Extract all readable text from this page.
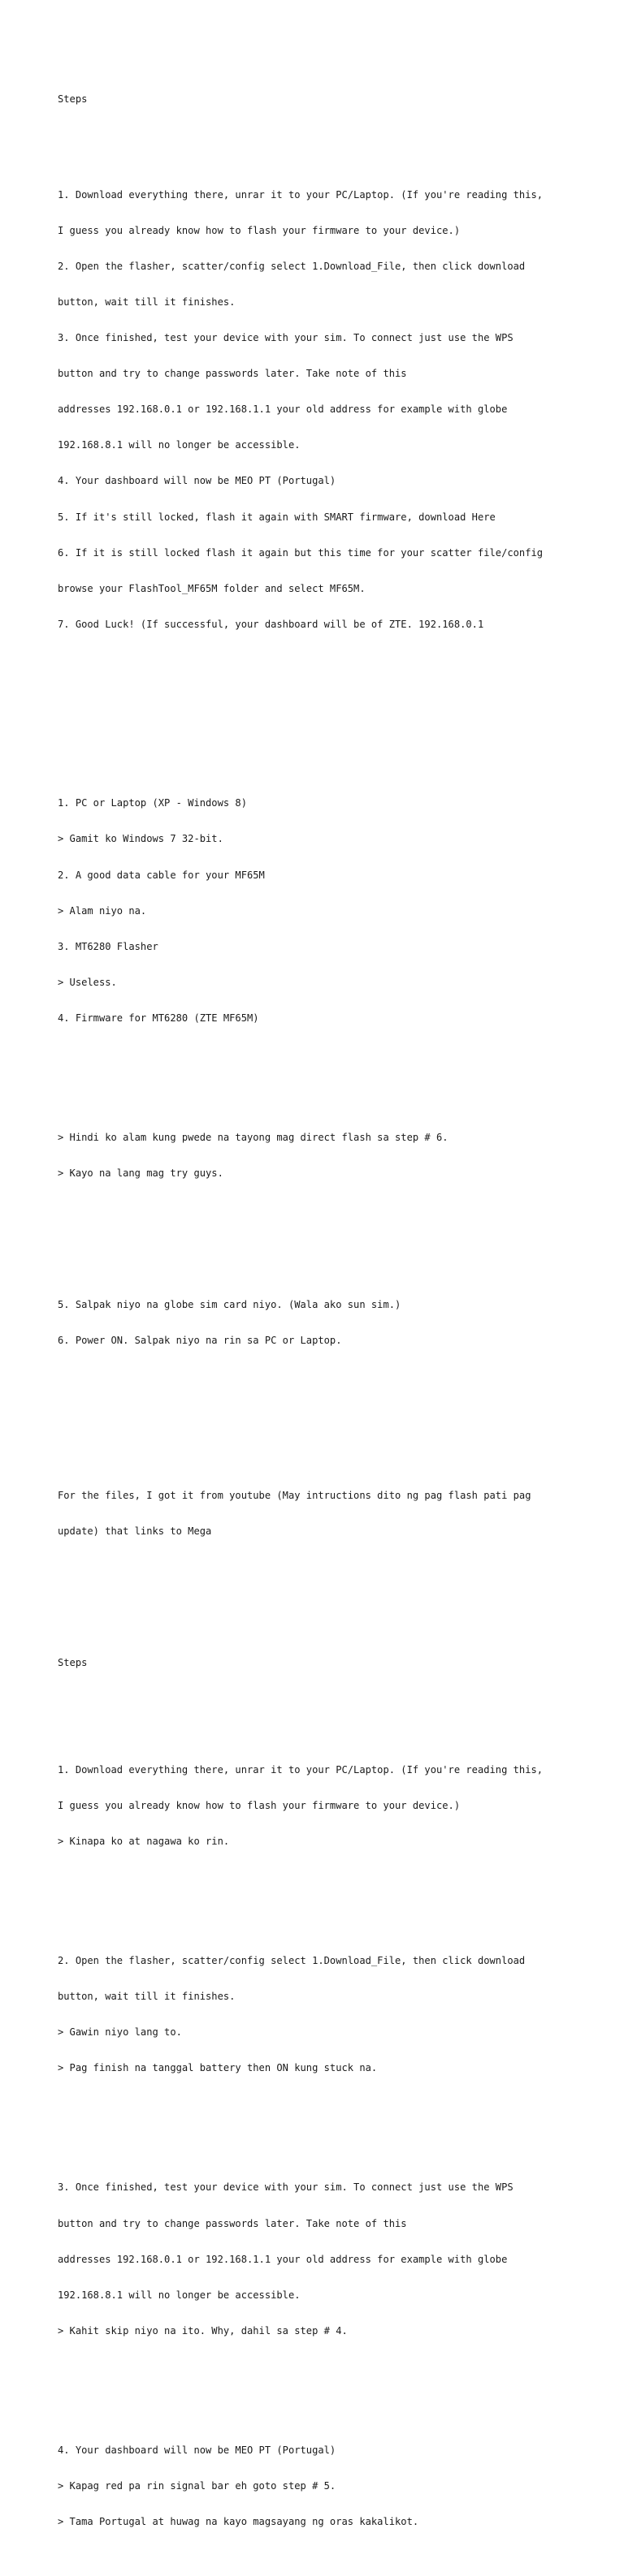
Steps

1. Download everything there, unrar it to your PC/Laptop. (If you're reading this,

I guess you already know how to flash your firmware to your device.)

2. Open the flasher, scatter/config select 1.Download_File, then click download

button, wait till it finishes.

3. Once finished, test your device with your sim. To connect just use the WPS

button and try to change passwords later. Take note of this

addresses 192.168.0.1 or 192.168.1.1 your old address for example with globe

192.168.8.1 will no longer be accessible.

4. Your dashboard will now be MEO PT (Portugal)

5. If it's still locked, flash it again with SMART firmware, download Here

6. If it is still locked flash it again but this time for your scatter file/config

browse your FlashTool_MF65M folder and select MF65M.

7. Good Luck! (If successful, your dashboard will be of ZTE. 192.168.0.1

1. PC or Laptop (XP - Windows 8)

> Gamit ko Windows 7 32-bit.

2. A good data cable for your MF65M

> Alam niyo na.

3. MT6280 Flasher

> Useless.

4. Firmware for MT6280 (ZTE MF65M)

> Hindi ko alam kung pwede na tayong mag direct flash sa step # 6.

> Kayo na lang mag try guys.

5. Salpak niyo na globe sim card niyo. (Wala ako sun sim.)

6. Power ON. Salpak niyo na rin sa PC or Laptop.

For the files, I got it from youtube (May intructions dito ng pag flash pati pag

update) that links to Mega

Steps

1. Download everything there, unrar it to your PC/Laptop. (If you're reading this,

I guess you already know how to flash your firmware to your device.)

> Kinapa ko at nagawa ko rin.

2. Open the flasher, scatter/config select 1.Download_File, then click download

button, wait till it finishes.

> Gawin niyo lang to.

> Pag finish na tanggal battery then ON kung stuck na.

3. Once finished, test your device with your sim. To connect just use the WPS

button and try to change passwords later. Take note of this

addresses 192.168.0.1 or 192.168.1.1 your old address for example with globe

192.168.8.1 will no longer be accessible.

> Kahit skip niyo na ito. Why, dahil sa step # 4.

4. Your dashboard will now be MEO PT (Portugal)

> Kapag red pa rin signal bar eh goto step # 5.

> Tama Portugal at huwag na kayo magsayang ng oras kakalikot.
